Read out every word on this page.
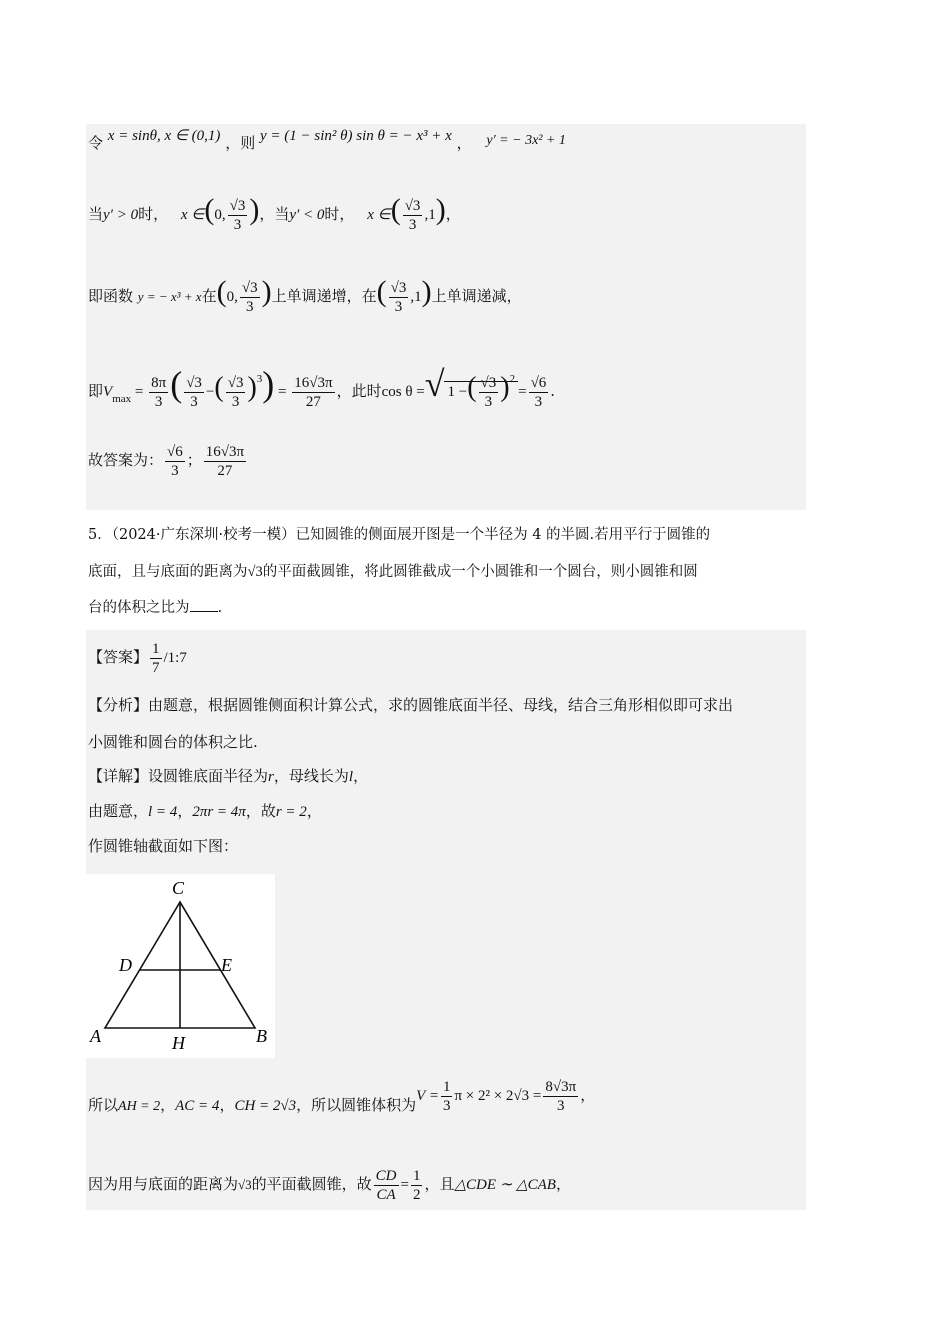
令 x = sinθ, x ∈ (0,1) ，则 y = (1 − sin² θ) sin θ = − x³ + x ， y′ = − 3x² + 1
当y′ > 0时， x ∈(0, $\frac{√3}{3}$ )，当y′ < 0时， x ∈( $\frac{√3}{3} ,1$)，
即函数 y = − x³ + x在(0, $\frac{√3}{3}$ )上单调递增，在( $\frac{√3}{3} ,1$)上单调递减，
即$V_{max} = \frac{8\pi}{3}$ ( $\frac{√3}{3}$ −( $\frac{√3}{3} )^3) = \frac{16√3\pi}{27}$ ，此时cos θ =√ 1 −( $\frac{√3}{3} )^2= \frac{√6}{3}$ .
故答案为： $\frac{√6}{3}$ ； $\frac{16√3\pi}{27}$
5．（2024·广东深圳·校考一模）已知圆锥的侧面展开图是一个半径为 4 的半圆.若用平行于圆锥的
底面，且与底面的距离为√3的平面截圆锥，将此圆锥截成一个小圆锥和一个圆台，则小圆锥和圆
台的体积之比为 .
【答案】 $\frac{1}{7}$ /1:7
【分析】由题意，根据圆锥侧面积计算公式，求的圆锥底面半径、母线，结合三角形相似即可求出
小圆锥和圆台的体积之比.
【详解】设圆锥底面半径为r，母线长为l，
由题意，l = 4，2πr = 4π，故r = 2，
作圆锥轴截面如下图：
C
D	E
A	H	B
所以AH = 2，AC = 4，CH = 2√3，所以圆锥体积为$V = \frac{1}{3}$ $\pi \times 2^2 \times 2√3 = \frac{8√3\pi}{3}$ ，
因为用与底面的距离为√3的平面截圆锥，故 $\frac{CD}{CA} = \frac{1}{2}$ ，且△CDE ∼ △CAB，
